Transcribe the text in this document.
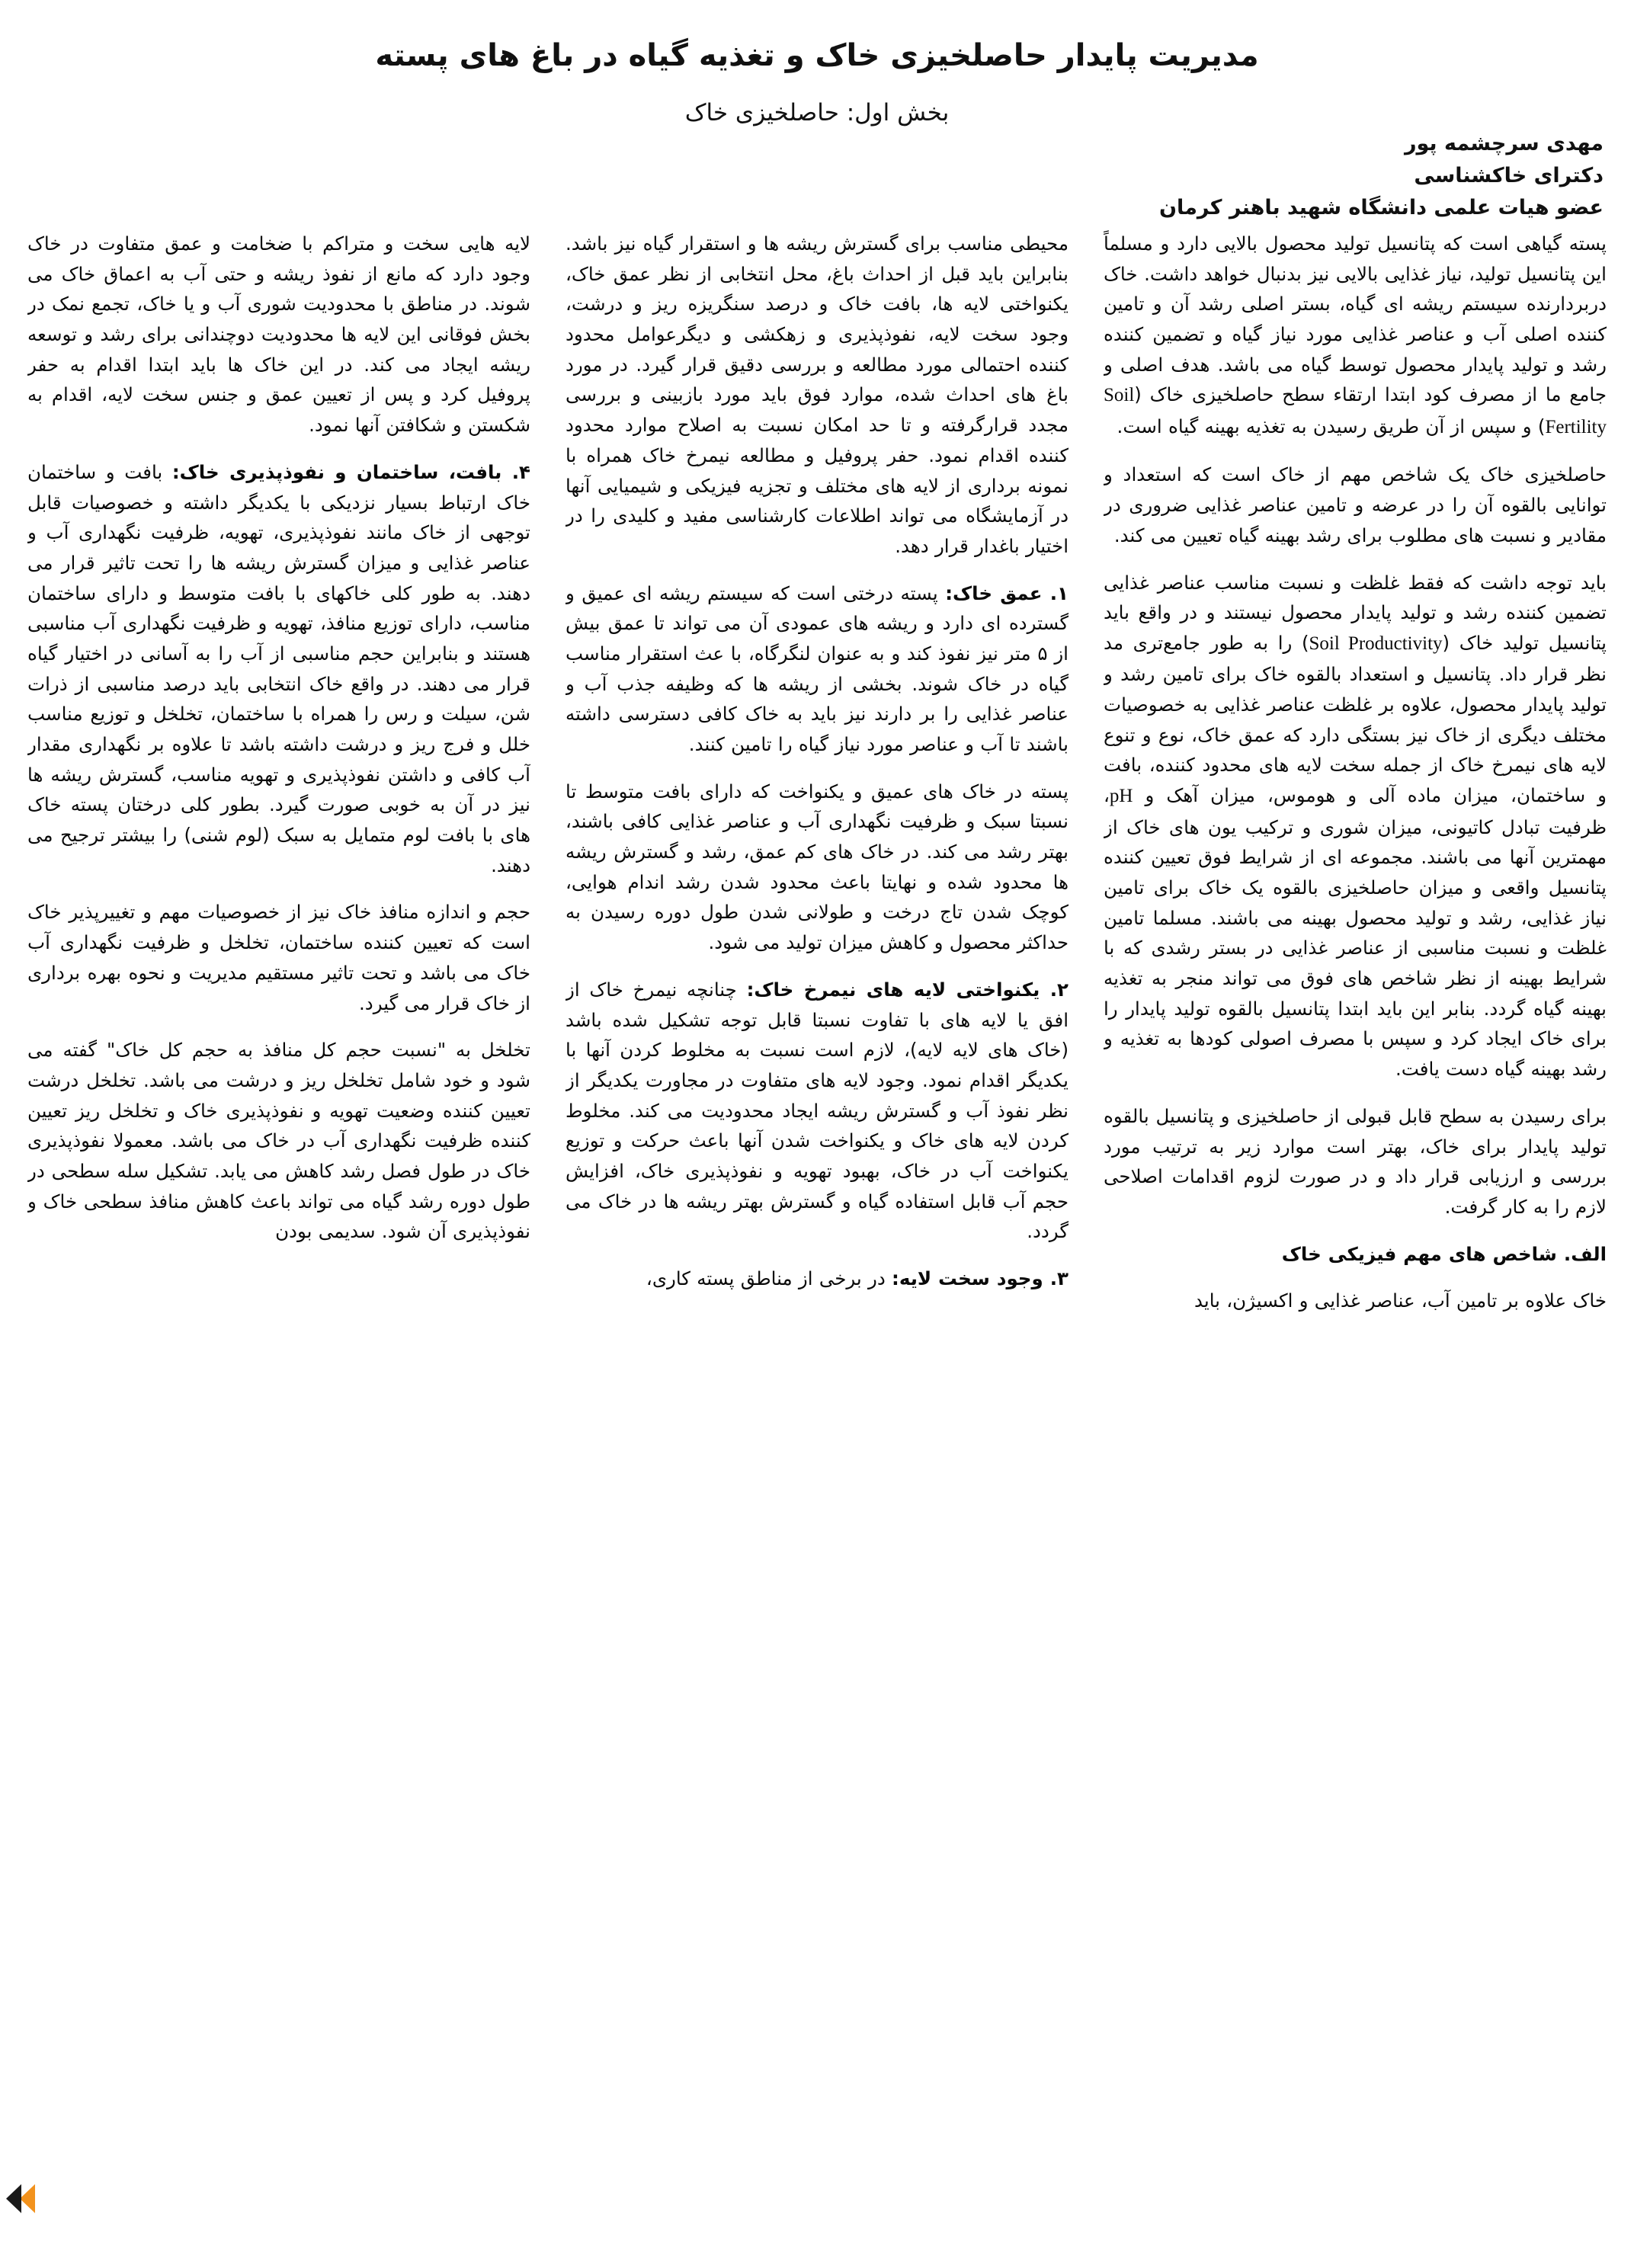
مدیریت پایدار حاصلخیزی خاک و تغذیه گیاه در باغ های پسته
بخش اول: حاصلخیزی خاک
مهدی سرچشمه پور
دکترای خاکشناسی
عضو هیات علمی دانشگاه شهید باهنر کرمان

پسته گیاهی است که پتانسیل تولید محصول بالایی دارد و مسلماً این پتانسیل تولید، نیاز غذایی بالایی نیز بدنبال خواهد داشت. خاک دربردارنده سیستم ریشه ای گیاه، بستر اصلی رشد آن و تامین کننده اصلی آب و عناصر غذایی مورد نیاز گیاه و تضمین کننده رشد و تولید پایدار محصول توسط گیاه می باشد. هدف اصلی و جامع ما از مصرف کود ابتدا ارتقاء سطح حاصلخیزی خاک (Soil Fertility) و سپس از آن طریق رسیدن به تغذیه بهینه گیاه است.

حاصلخیزی خاک یک شاخص مهم از خاک است که استعداد و توانایی بالقوه آن را در عرضه و تامین عناصر غذایی ضروری در مقادیر و نسبت های مطلوب برای رشد بهینه گیاه تعیین می کند.

باید توجه داشت که فقط غلظت و نسبت مناسب عناصر غذایی تضمین کننده رشد و تولید پایدار محصول نیستند و در واقع باید پتانسیل تولید خاک (Soil Productivity) را به طور جامع‌تری مد نظر قرار داد. پتانسیل و استعداد بالقوه خاک برای تامین رشد و تولید پایدار محصول، علاوه بر غلظت عناصر غذایی به خصوصیات مختلف دیگری از خاک نیز بستگی دارد که عمق خاک، نوع و تنوع لایه های نیمرخ خاک از جمله سخت لایه های محدود کننده، بافت و ساختمان، میزان ماده آلی و هوموس، میزان آهک و pH، ظرفیت تبادل کاتیونی، میزان شوری و ترکیب یون های خاک از مهمترین آنها می باشند. مجموعه ای از شرایط فوق تعیین کننده پتانسیل واقعی و میزان حاصلخیزی بالقوه یک خاک برای تامین نیاز غذایی، رشد و تولید محصول بهینه می باشند. مسلما تامین غلظت و نسبت مناسبی از عناصر غذایی در بستر رشدی که با شرایط بهینه از نظر شاخص های فوق می تواند منجر به تغذیه بهینه گیاه گردد. بنابر این باید ابتدا پتانسیل بالقوه تولید پایدار را برای خاک ایجاد کرد و سپس با مصرف اصولی کودها به تغذیه و رشد بهینه گیاه دست یافت.

برای رسیدن به سطح قابل قبولی از حاصلخیزی و پتانسیل بالقوه تولید پایدار برای خاک، بهتر است موارد زیر به ترتیب مورد بررسی و ارزیابی قرار داد و در صورت لزوم اقدامات اصلاحی لازم را به کار گرفت.

الف. شاخص های مهم فیزیکی خاک

خاک علاوه بر تامین آب، عناصر غذایی و اکسیژن، باید

محیطی مناسب برای گسترش ریشه ها و استقرار گیاه نیز باشد. بنابراین باید قبل از احداث باغ، محل انتخابی از نظر عمق خاک، یکنواختی لایه ها، بافت خاک و درصد سنگریزه ریز و درشت، وجود سخت لایه، نفوذپذیری و زهکشی و دیگرعوامل محدود کننده احتمالی مورد مطالعه و بررسی دقیق قرار گیرد. در مورد باغ های احداث شده، موارد فوق باید مورد بازبینی و بررسی مجدد قرارگرفته و تا حد امکان نسبت به اصلاح موارد محدود کننده اقدام نمود. حفر پروفیل و مطالعه نیمرخ خاک همراه با نمونه برداری از لایه های مختلف و تجزیه فیزیکی و شیمیایی آنها در آزمایشگاه می تواند اطلاعات کارشناسی مفید و کلیدی را در اختیار باغدار قرار دهد.

۱. عمق خاک: پسته درختی است که سیستم ریشه ای عمیق و گسترده ای دارد و ریشه های عمودی آن می تواند تا عمق بیش از ۵ متر نیز نفوذ کند و به عنوان لنگرگاه، با عث استقرار مناسب گیاه در خاک شوند. بخشی از ریشه ها که وظیفه جذب آب و عناصر غذایی را بر دارند نیز باید به خاک کافی دسترسی داشته باشند تا آب و عناصر مورد نیاز گیاه را تامین کنند.

پسته در خاک های عمیق و یکنواخت که دارای بافت متوسط تا نسبتا سبک و ظرفیت نگهداری آب و عناصر غذایی کافی باشند، بهتر رشد می کند. در خاک های کم عمق، رشد و گسترش ریشه ها محدود شده و نهایتا باعث محدود شدن رشد اندام هوایی، کوچک شدن تاج درخت و طولانی شدن طول دوره رسیدن به حداکثر محصول و کاهش میزان تولید می شود.

۲. یکنواختی لایه های نیمرخ خاک: چنانچه نیمرخ خاک از افق یا لایه های با تفاوت نسبتا قابل توجه تشکیل شده باشد (خاک های لایه لایه)، لازم است نسبت به مخلوط کردن آنها با یکدیگر اقدام نمود. وجود لایه های متفاوت در مجاورت یکدیگر از نظر نفوذ آب و گسترش ریشه ایجاد محدودیت می کند. مخلوط کردن لایه های خاک و یکنواخت شدن آنها باعث حرکت و توزیع یکنواخت آب در خاک، بهبود تهویه و نفوذپذیری خاک، افزایش حجم آب قابل استفاده گیاه و گسترش بهتر ریشه ها در خاک می گردد.

۳. وجود سخت لایه: در برخی از مناطق پسته کاری،

لایه هایی سخت و متراکم با ضخامت و عمق متفاوت در خاک وجود دارد که مانع از نفوذ ریشه و حتی آب به اعماق خاک می شوند. در مناطق با محدودیت شوری آب و یا خاک، تجمع نمک در بخش فوقانی این لایه ها محدودیت دوچندانی برای رشد و توسعه ریشه ایجاد می کند. در این خاک ها باید ابتدا اقدام به حفر پروفیل کرد و پس از تعیین عمق و جنس سخت لایه، اقدام به شکستن و شکافتن آنها نمود.

۴. بافت، ساختمان و نفوذپذیری خاک: بافت و ساختمان خاک ارتباط بسیار نزدیکی با یکدیگر داشته و خصوصیات قابل توجهی از خاک مانند نفوذپذیری، تهویه، ظرفیت نگهداری آب و عناصر غذایی و میزان گسترش ریشه ها را تحت تاثیر قرار می دهند. به طور کلی خاکهای با بافت متوسط و دارای ساختمان مناسب، دارای توزیع منافذ، تهویه و ظرفیت نگهداری آب مناسبی هستند و بنابراین حجم مناسبی از آب را به آسانی در اختیار گیاه قرار می دهند. در واقع خاک انتخابی باید درصد مناسبی از ذرات شن، سیلت و رس را همراه با ساختمان، تخلخل و توزیع مناسب خلل و فرج ریز و درشت داشته باشد تا علاوه بر نگهداری مقدار آب کافی و داشتن نفوذپذیری و تهویه مناسب، گسترش ریشه ها نیز در آن به خوبی صورت گیرد. بطور کلی درختان پسته خاک های با بافت لوم متمایل به سبک (لوم شنی) را بیشتر ترجیح می دهند.

حجم و اندازه منافذ خاک نیز از خصوصیات مهم و تغییرپذیر خاک است که تعیین کننده ساختمان، تخلخل و ظرفیت نگهداری آب خاک می باشد و تحت تاثیر مستقیم مدیریت و نحوه بهره برداری از خاک قرار می گیرد.

تخلخل به "نسبت حجم کل منافذ به حجم کل خاک" گفته می شود و خود شامل تخلخل ریز و درشت می باشد. تخلخل درشت تعیین کننده وضعیت تهویه و نفوذپذیری خاک و تخلخل ریز تعیین کننده ظرفیت نگهداری آب در خاک می باشد. معمولا نفوذپذیری خاک در طول فصل رشد کاهش می یابد. تشکیل سله سطحی در طول دوره رشد گیاه می تواند باعث کاهش منافذ سطحی خاک و نفوذپذیری آن شود. سدیمی بودن
